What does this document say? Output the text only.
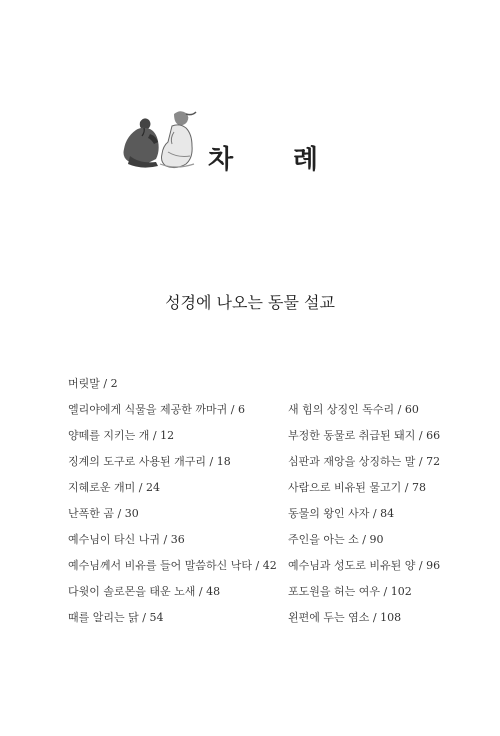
차 례
성경에 나오는 동물 설교
머릿말 / 2
엘리야에게 식물을 제공한 까마귀 / 6
양떼를 지키는 개 / 12
징계의 도구로 사용된 개구리 / 18
지혜로운 개미 / 24
난폭한 곰 / 30
예수님이 타신 나귀 / 36
예수님께서 비유를 들어 말씀하신 낙타 / 42
다윗이 솔로몬을 태운 노새 / 48
때를 알리는 닭 / 54
새 힘의 상징인 독수리 / 60
부정한 동물로 취급된 돼지 / 66
심판과 재앙을 상징하는 말 / 72
사람으로 비유된 물고기 / 78
동물의 왕인 사자 / 84
주인을 아는 소 / 90
예수님과 성도로 비유된 양 / 96
포도원을 허는 여우 / 102
왼편에 두는 염소 / 108
